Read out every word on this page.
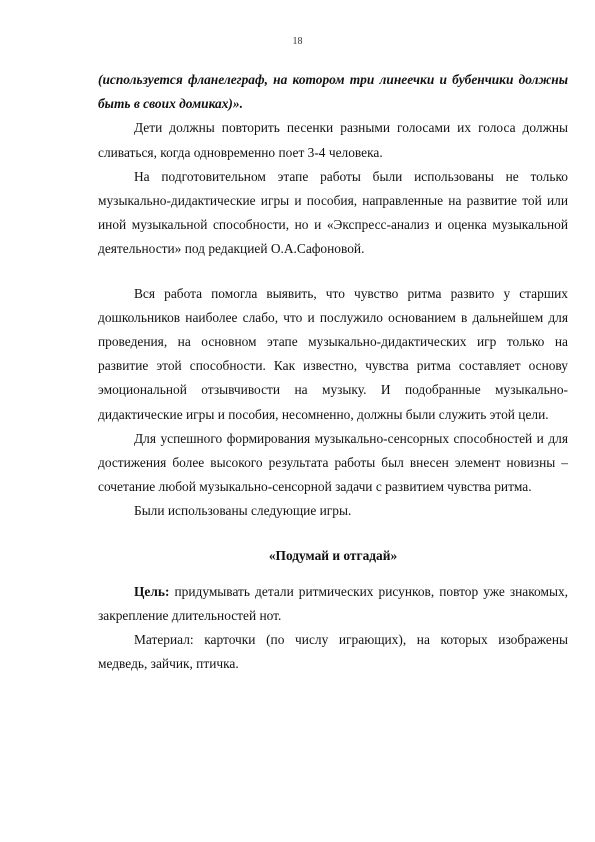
18

(используется фланелеграф, на котором три линеечки и бубенчики должны быть в своих домиках)».

Дети должны повторить песенки разными голосами их голоса должны сливаться, когда одновременно поет 3-4 человека.

На подготовительном этапе работы были использованы не только музыкально-дидактические игры и пособия, направленные на развитие той или иной музыкальной способности, но и «Экспресс-анализ и оценка музыкальной деятельности» под редакцией О.А.Сафоновой.

Вся работа помогла выявить, что чувство ритма развито у старших дошкольников наиболее слабо, что и послужило основанием в дальнейшем для проведения, на основном этапе музыкально-дидактических игр только на развитие этой способности. Как известно, чувства ритма составляет основу эмоциональной отзывчивости на музыку. И подобранные музыкально-дидактические игры и пособия, несомненно, должны были служить этой цели.

Для успешного формирования музыкально-сенсорных способностей и для достижения более высокого результата работы был внесен элемент новизны – сочетание любой музыкально-сенсорной задачи с развитием чувства ритма.

Были использованы следующие игры.

«Подумай и отгадай»

Цель: придумывать детали ритмических рисунков, повтор уже знакомых, закрепление длительностей нот.

Материал: карточки (по числу играющих), на которых изображены медведь, зайчик, птичка.
